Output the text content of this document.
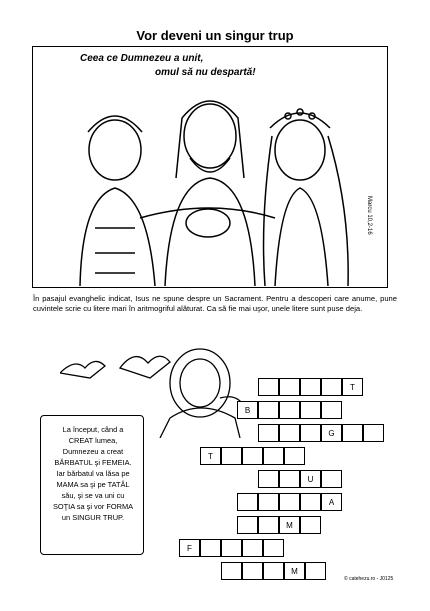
Vor deveni un singur trup
Ceea ce Dumnezeu a unit,
omul să nu despartă!
Marcu 10,2-16
În pasajul evanghelic indicat, Isus ne spune despre un Sacrament. Pentru a descoperi care anume, pune cuvintele scrie cu litere mari în aritmogriful alăturat. Ca să fie mai uşor, unele litere sunt puse deja.
La început, când a CREAT lumea, Dumnezeu a creat BĂRBATUL şi FEMEIA. Iar bărbatul va lăsa pe MAMA sa şi pe TATĂL său, şi se va uni cu SOŢIA sa şi vor FORMA un SINGUR TRUP.
T
B
G
T
U
A
M
F
M
© catehezu.ro - J0125
